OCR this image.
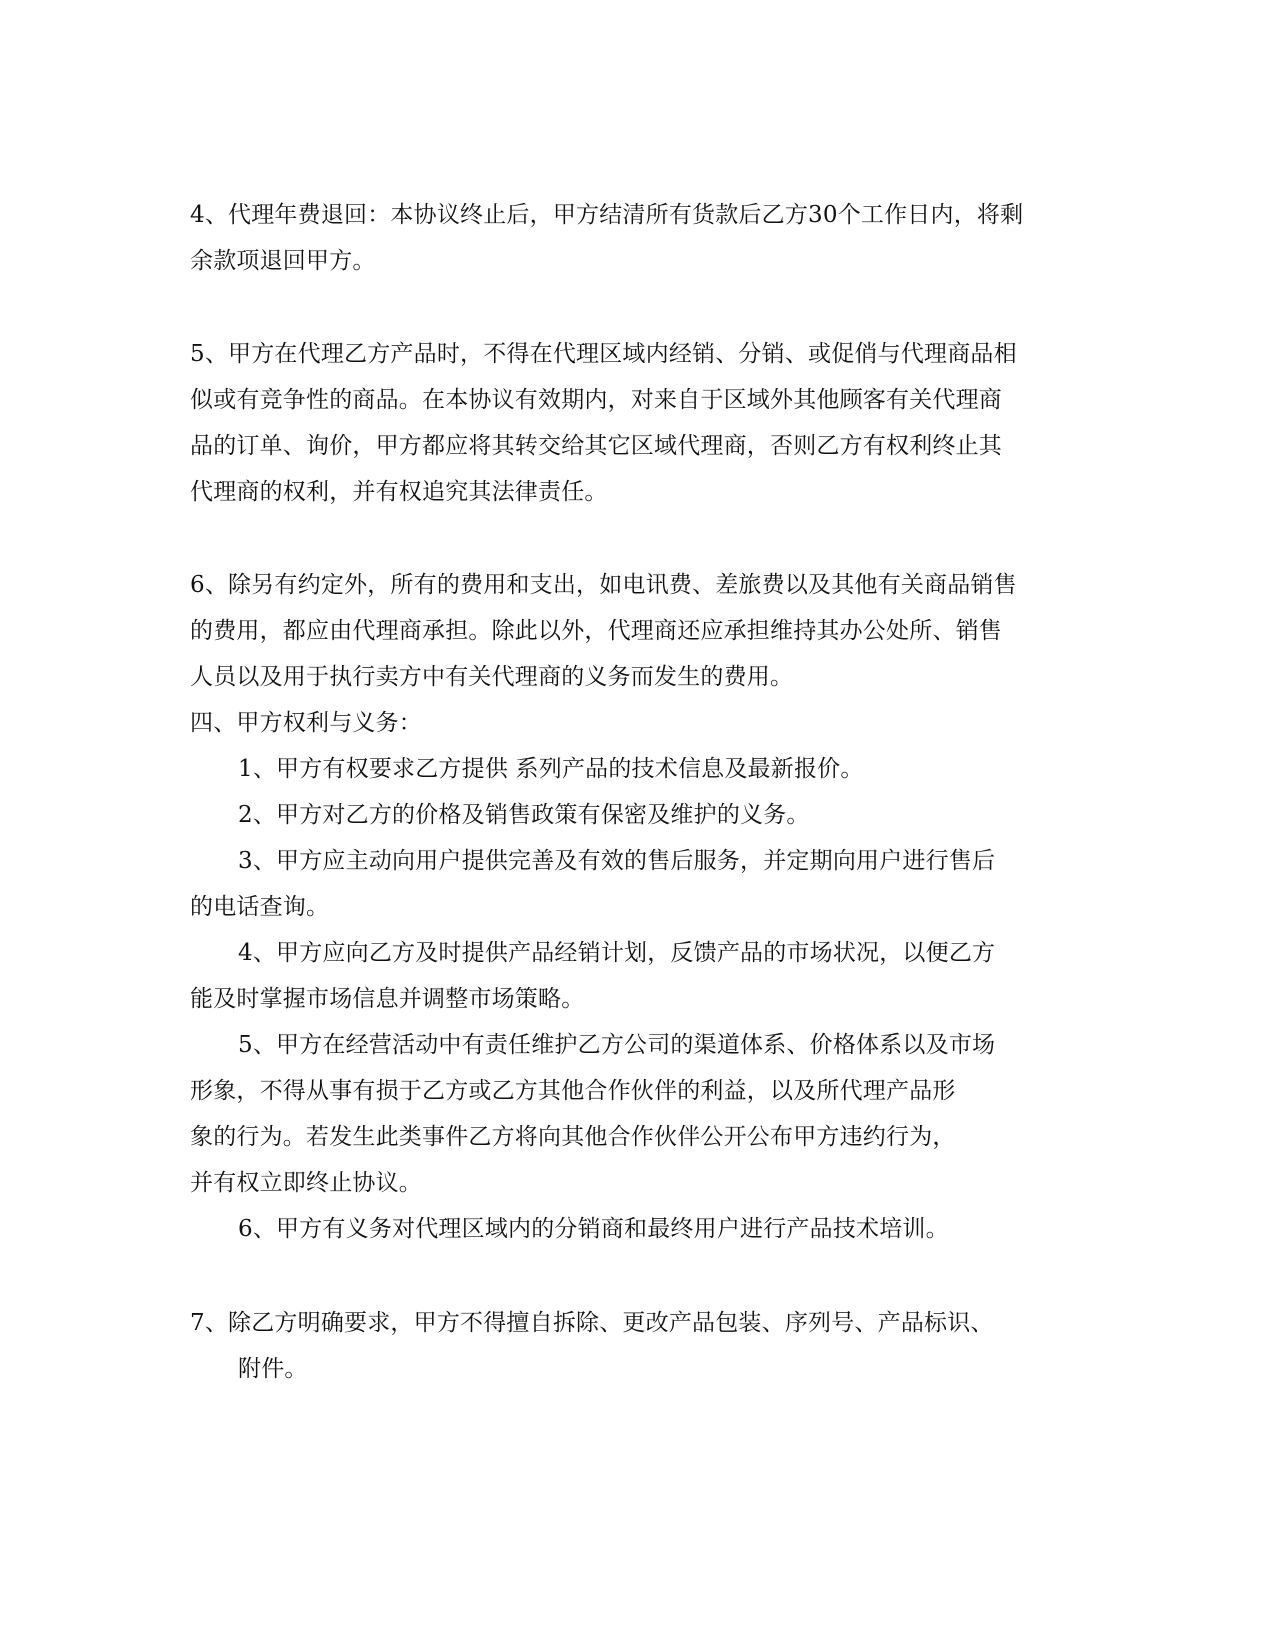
4、代理年费退回：本协议终止后，甲方结清所有货款后乙方30个工作日内，将剩
余款项退回甲方。
5、甲方在代理乙方产品时，不得在代理区域内经销、分销、或促俏与代理商品相
似或有竞争性的商品。在本协议有效期内，对来自于区域外其他顾客有关代理商
品的订单、询价，甲方都应将其转交给其它区域代理商，否则乙方有权利终止其
代理商的权利，并有权追究其法律责任。
6、除另有约定外，所有的费用和支出，如电讯费、差旅费以及其他有关商品销售
的费用，都应由代理商承担。除此以外，代理商还应承担维持其办公处所、销售
人员以及用于执行卖方中有关代理商的义务而发生的费用。
四、甲方权利与义务：
1、甲方有权要求乙方提供 系列产品的技术信息及最新报价。
2、甲方对乙方的价格及销售政策有保密及维护的义务。
3、甲方应主动向用户提供完善及有效的售后服务，并定期向用户进行售后
的电话查询。
4、甲方应向乙方及时提供产品经销计划，反馈产品的市场状况，以便乙方
能及时掌握市场信息并调整市场策略。
5、甲方在经营活动中有责任维护乙方公司的渠道体系、价格体系以及市场
形象，不得从事有损于乙方或乙方其他合作伙伴的利益，以及所代理产品形
象的行为。若发生此类事件乙方将向其他合作伙伴公开公布甲方违约行为，
并有权立即终止协议。
6、甲方有义务对代理区域内的分销商和最终用户进行产品技术培训。
7、除乙方明确要求，甲方不得擅自拆除、更改产品包装、序列号、产品标识、
附件。
